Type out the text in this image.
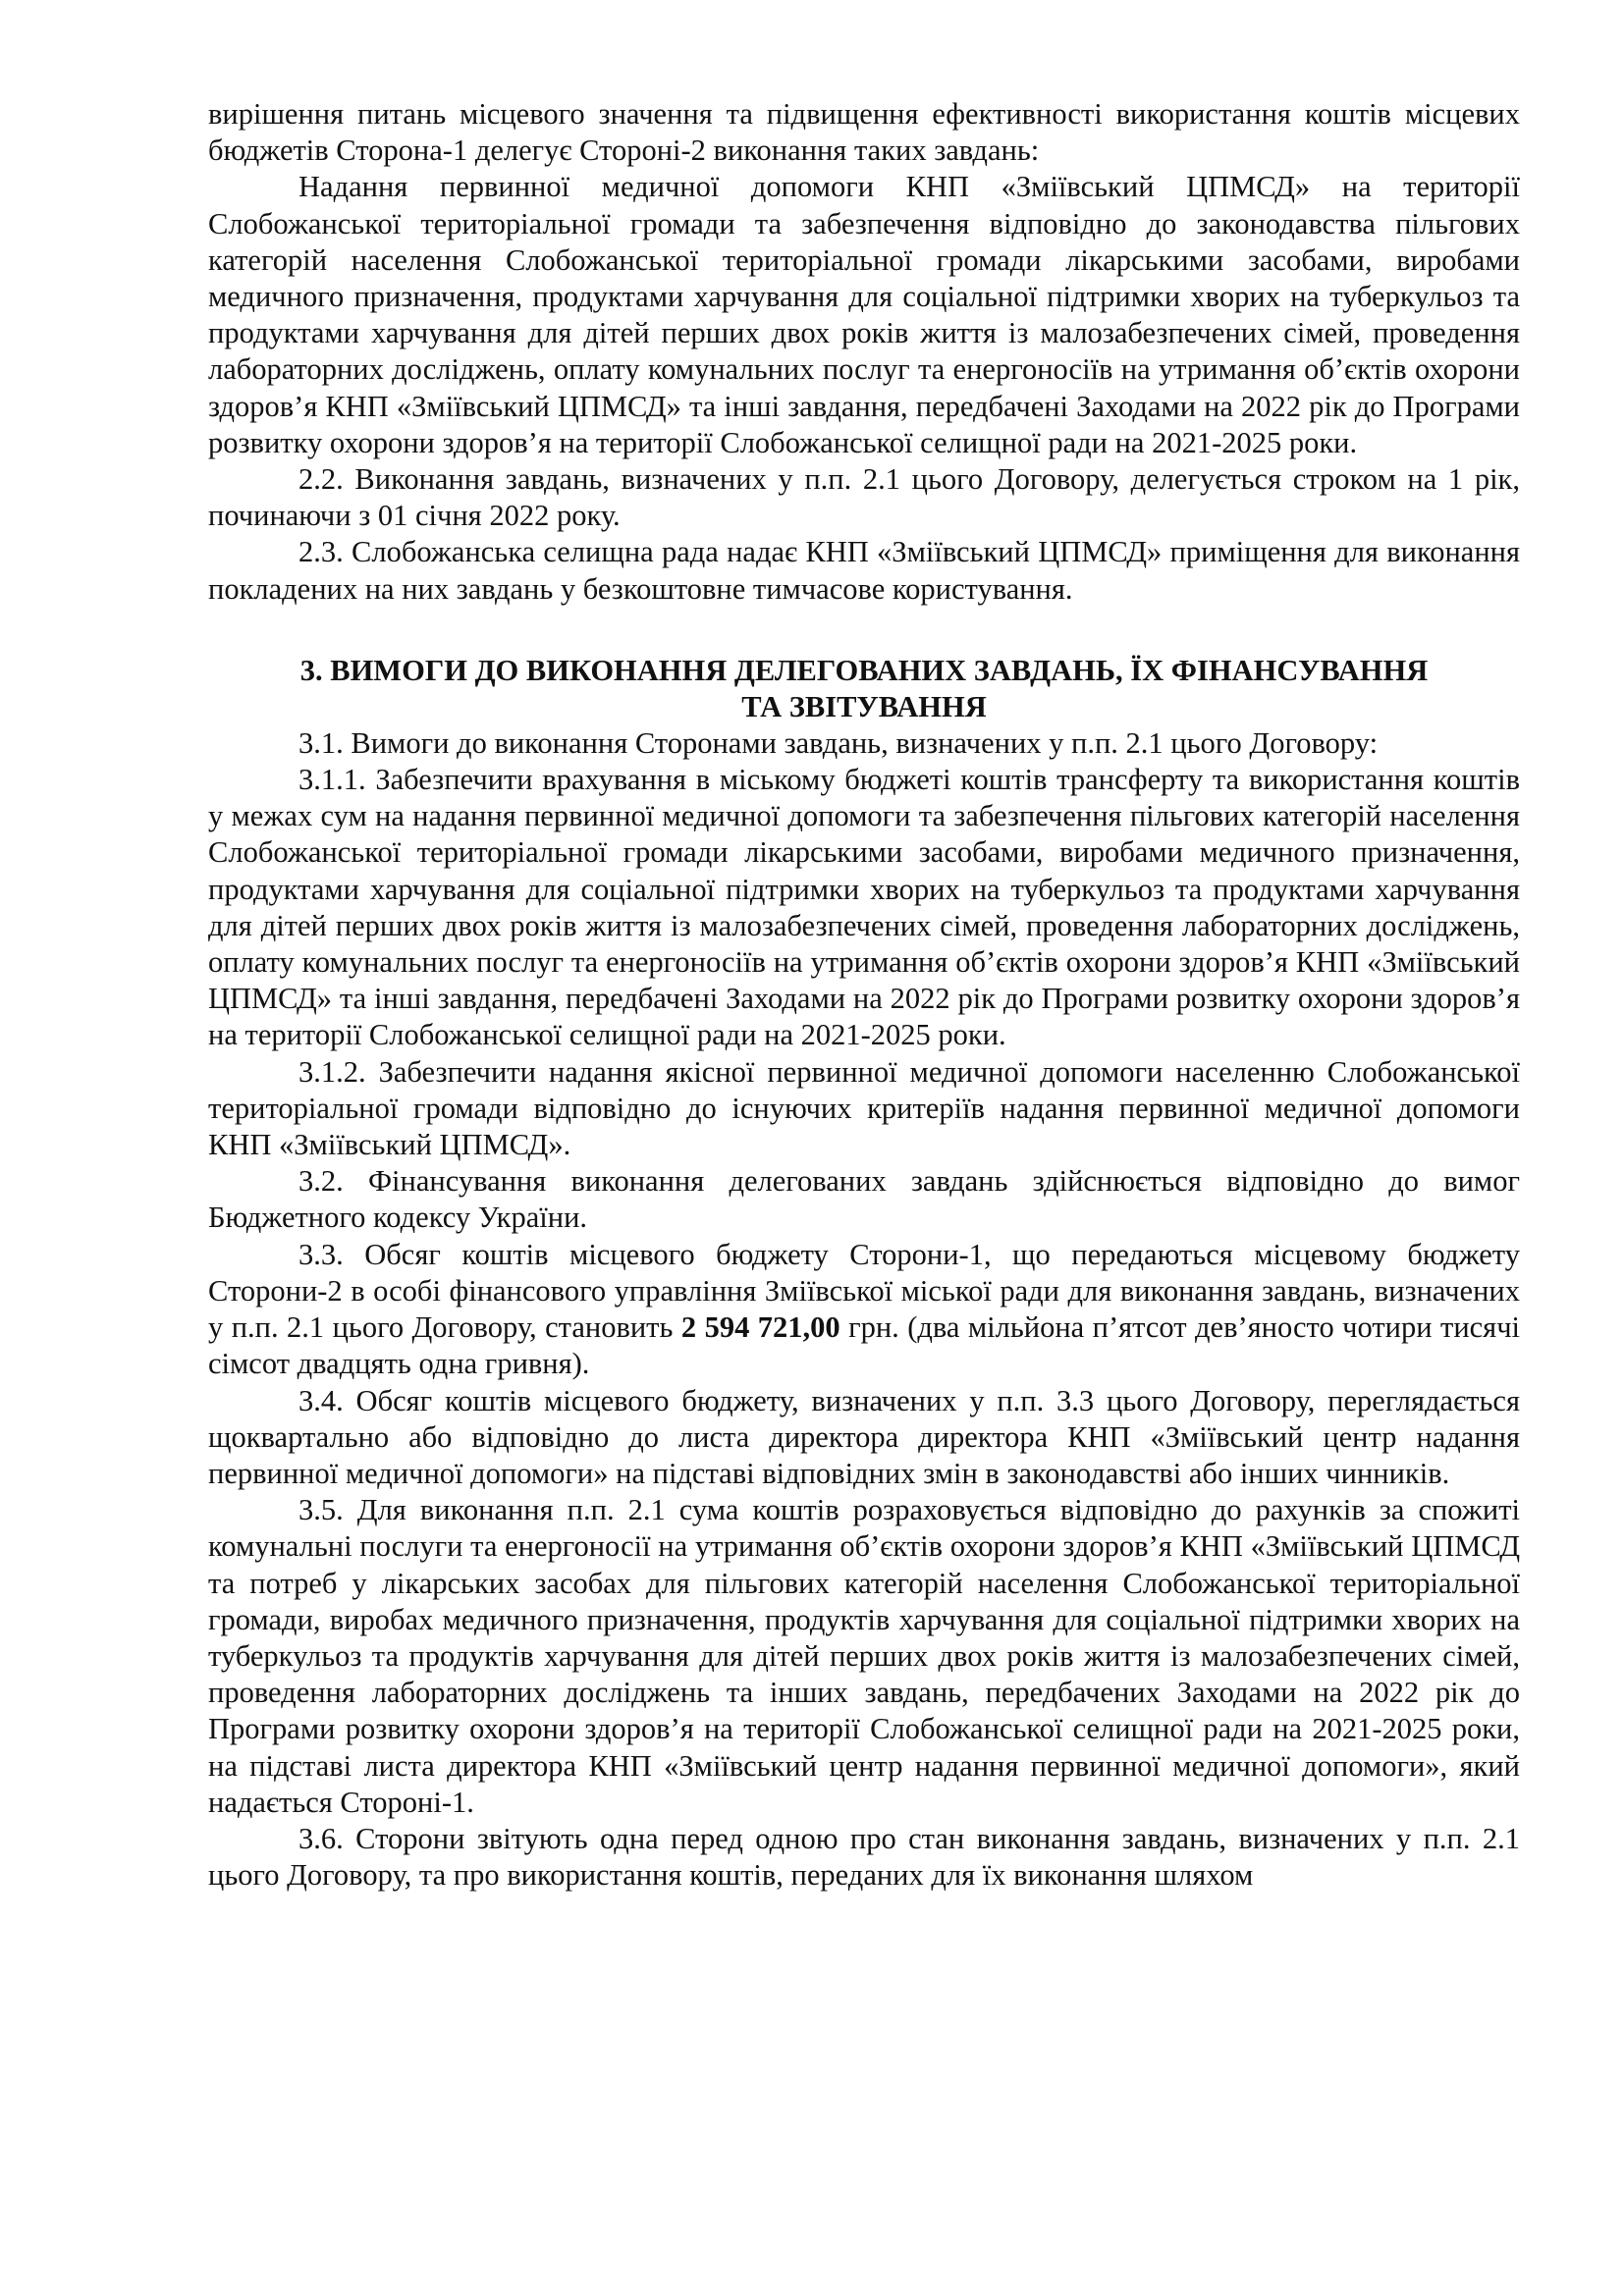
вирішення питань місцевого значення та підвищення ефективності використання коштів місцевих бюджетів Сторона-1 делегує Стороні-2 виконання таких завдань:

Надання первинної медичної допомоги КНП «Зміївський ЦПМСД» на території Слобожанської територіальної громади та забезпечення відповідно до законодавства пільгових категорій населення Слобожанської територіальної громади лікарськими засобами, виробами медичного призначення, продуктами харчування для соціальної підтримки хворих на туберкульоз та продуктами харчування для дітей перших двох років життя із малозабезпечених сімей, проведення лабораторних досліджень, оплату комунальних послуг та енергоносіїв на утримання об’єктів охорони здоров’я КНП «Зміївський ЦПМСД» та інші завдання, передбачені Заходами на 2022 рік до Програми розвитку охорони здоров’я на території Слобожанської селищної ради на 2021-2025 роки.

2.2. Виконання завдань, визначених у п.п. 2.1 цього Договору, делегується строком на 1 рік, починаючи з 01 січня 2022 року.

2.3. Слобожанська селищна рада надає КНП «Зміївський ЦПМСД» приміщення для виконання покладених на них завдань у безкоштовне тимчасове користування.

3. ВИМОГИ ДО ВИКОНАННЯ ДЕЛЕГОВАНИХ ЗАВДАНЬ, ЇХ ФІНАНСУВАННЯ
ТА ЗВІТУВАННЯ

3.1. Вимоги до виконання Сторонами завдань, визначених у п.п. 2.1 цього Договору:

3.1.1. Забезпечити врахування в міському бюджеті коштів трансферту та використання коштів у межах сум на надання первинної медичної допомоги та забезпечення пільгових категорій населення Слобожанської територіальної громади лікарськими засобами, виробами медичного призначення, продуктами харчування для соціальної підтримки хворих на туберкульоз та продуктами харчування для дітей перших двох років життя із малозабезпечених сімей, проведення лабораторних досліджень, оплату комунальних послуг та енергоносіїв на утримання об’єктів охорони здоров’я КНП «Зміївський ЦПМСД» та інші завдання, передбачені Заходами на 2022 рік до Програми розвитку охорони здоров’я на території Слобожанської селищної ради на 2021-2025 роки.

3.1.2. Забезпечити надання якісної первинної медичної допомоги населенню Слобожанської територіальної громади відповідно до існуючих критеріїв надання первинної медичної допомоги КНП «Зміївський ЦПМСД».

3.2. Фінансування виконання делегованих завдань здійснюється відповідно до вимог Бюджетного кодексу України.

3.3. Обсяг коштів місцевого бюджету Сторони-1, що передаються місцевому бюджету Сторони-2 в особі фінансового управління Зміївської міської ради для виконання завдань, визначених у п.п. 2.1 цього Договору, становить 2 594 721,00 грн. (два мільйона п’ятсот дев’яносто чотири тисячі сімсот двадцять одна гривня).

3.4. Обсяг коштів місцевого бюджету, визначених у п.п. 3.3 цього Договору, переглядається щоквартально або відповідно до листа директора директора КНП «Зміївський центр надання первинної медичної допомоги» на підставі відповідних змін в законодавстві або інших чинників.

3.5. Для виконання п.п. 2.1 сума коштів розраховується відповідно до рахунків за спожиті комунальні послуги та енергоносії на утримання об’єктів охорони здоров’я КНП «Зміївський ЦПМСД та потреб у лікарських засобах для пільгових категорій населення Слобожанської територіальної громади, виробах медичного призначення, продуктів харчування для соціальної підтримки хворих на туберкульоз та продуктів харчування для дітей перших двох років життя із малозабезпечених сімей, проведення лабораторних досліджень та інших завдань, передбачених Заходами на 2022 рік до Програми розвитку охорони здоров’я на території Слобожанської селищної ради на 2021-2025 роки, на підставі листа директора КНП «Зміївський центр надання первинної медичної допомоги», який надається Стороні-1.

3.6. Сторони звітують одна перед одною про стан виконання завдань, визначених у п.п. 2.1 цього Договору, та про використання коштів, переданих для їх виконання шляхом
